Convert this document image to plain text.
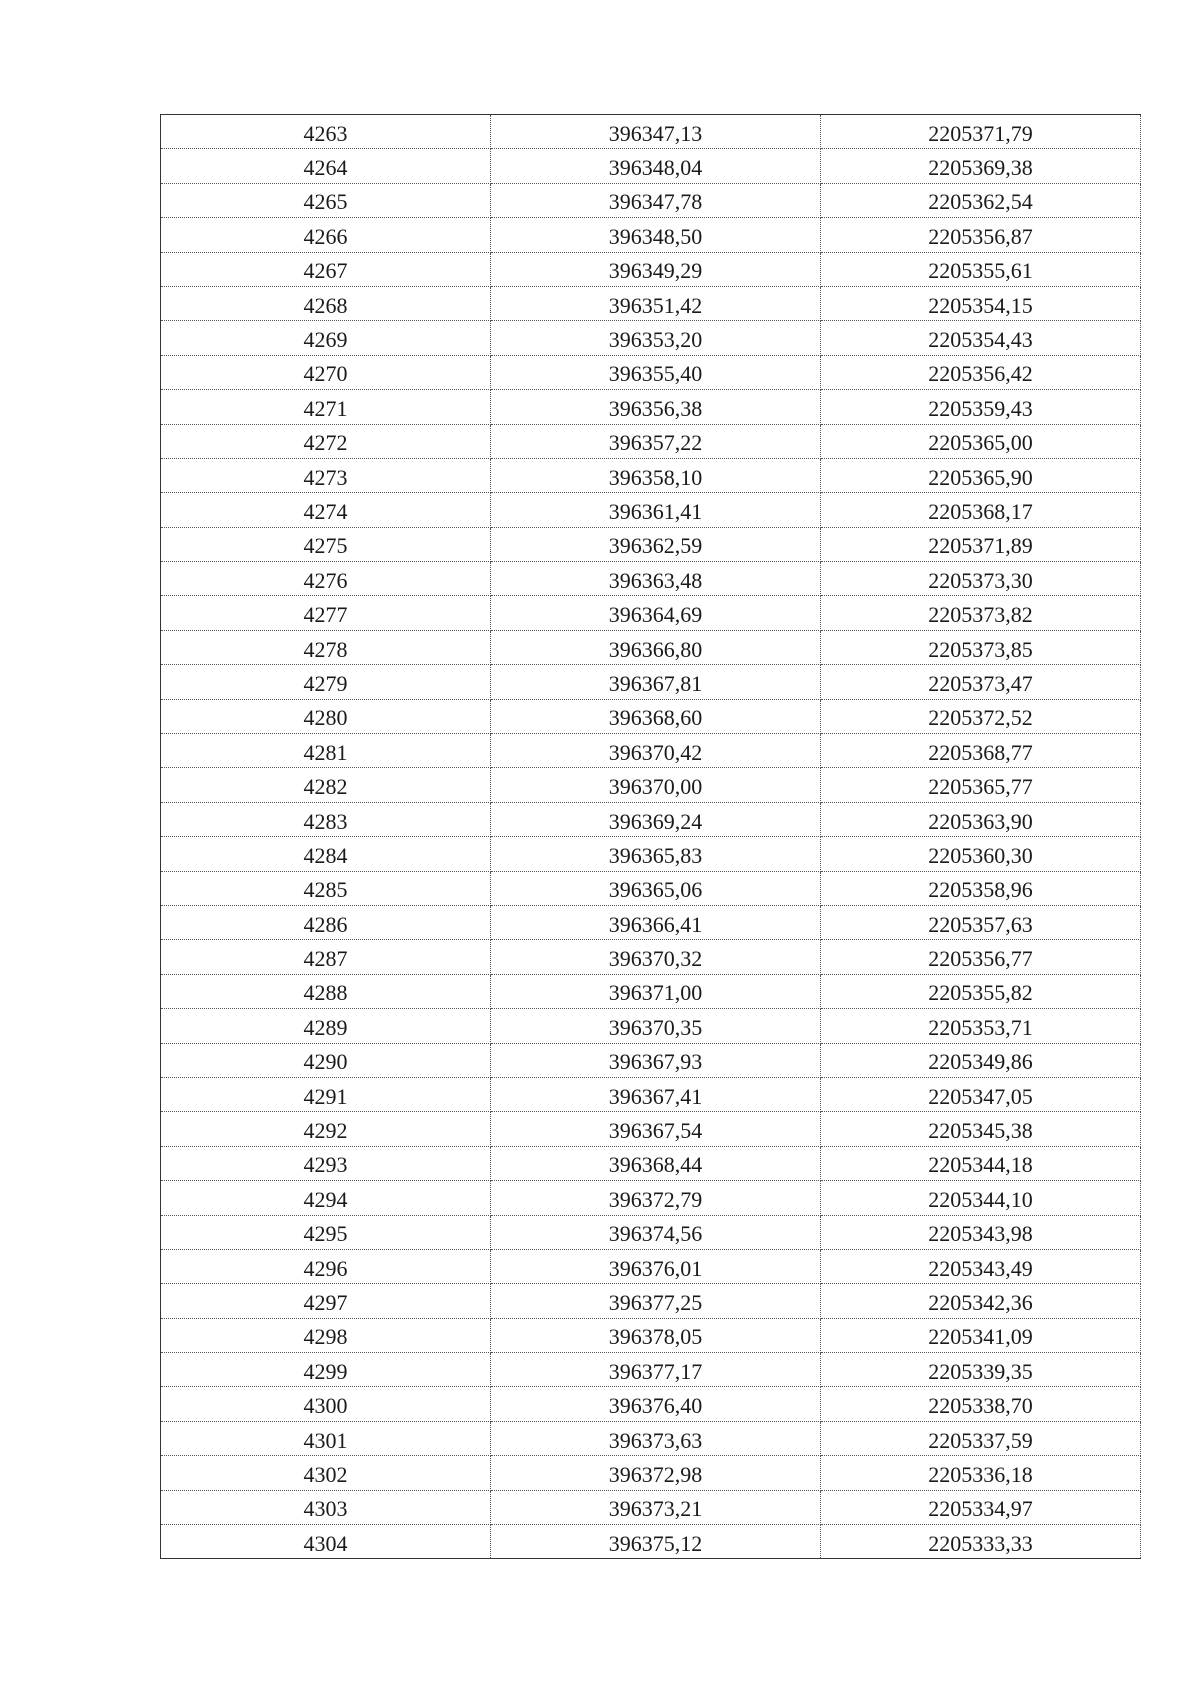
4263	396347,13	2205371,79
4264	396348,04	2205369,38
4265	396347,78	2205362,54
4266	396348,50	2205356,87
4267	396349,29	2205355,61
4268	396351,42	2205354,15
4269	396353,20	2205354,43
4270	396355,40	2205356,42
4271	396356,38	2205359,43
4272	396357,22	2205365,00
4273	396358,10	2205365,90
4274	396361,41	2205368,17
4275	396362,59	2205371,89
4276	396363,48	2205373,30
4277	396364,69	2205373,82
4278	396366,80	2205373,85
4279	396367,81	2205373,47
4280	396368,60	2205372,52
4281	396370,42	2205368,77
4282	396370,00	2205365,77
4283	396369,24	2205363,90
4284	396365,83	2205360,30
4285	396365,06	2205358,96
4286	396366,41	2205357,63
4287	396370,32	2205356,77
4288	396371,00	2205355,82
4289	396370,35	2205353,71
4290	396367,93	2205349,86
4291	396367,41	2205347,05
4292	396367,54	2205345,38
4293	396368,44	2205344,18
4294	396372,79	2205344,10
4295	396374,56	2205343,98
4296	396376,01	2205343,49
4297	396377,25	2205342,36
4298	396378,05	2205341,09
4299	396377,17	2205339,35
4300	396376,40	2205338,70
4301	396373,63	2205337,59
4302	396372,98	2205336,18
4303	396373,21	2205334,97
4304	396375,12	2205333,33
